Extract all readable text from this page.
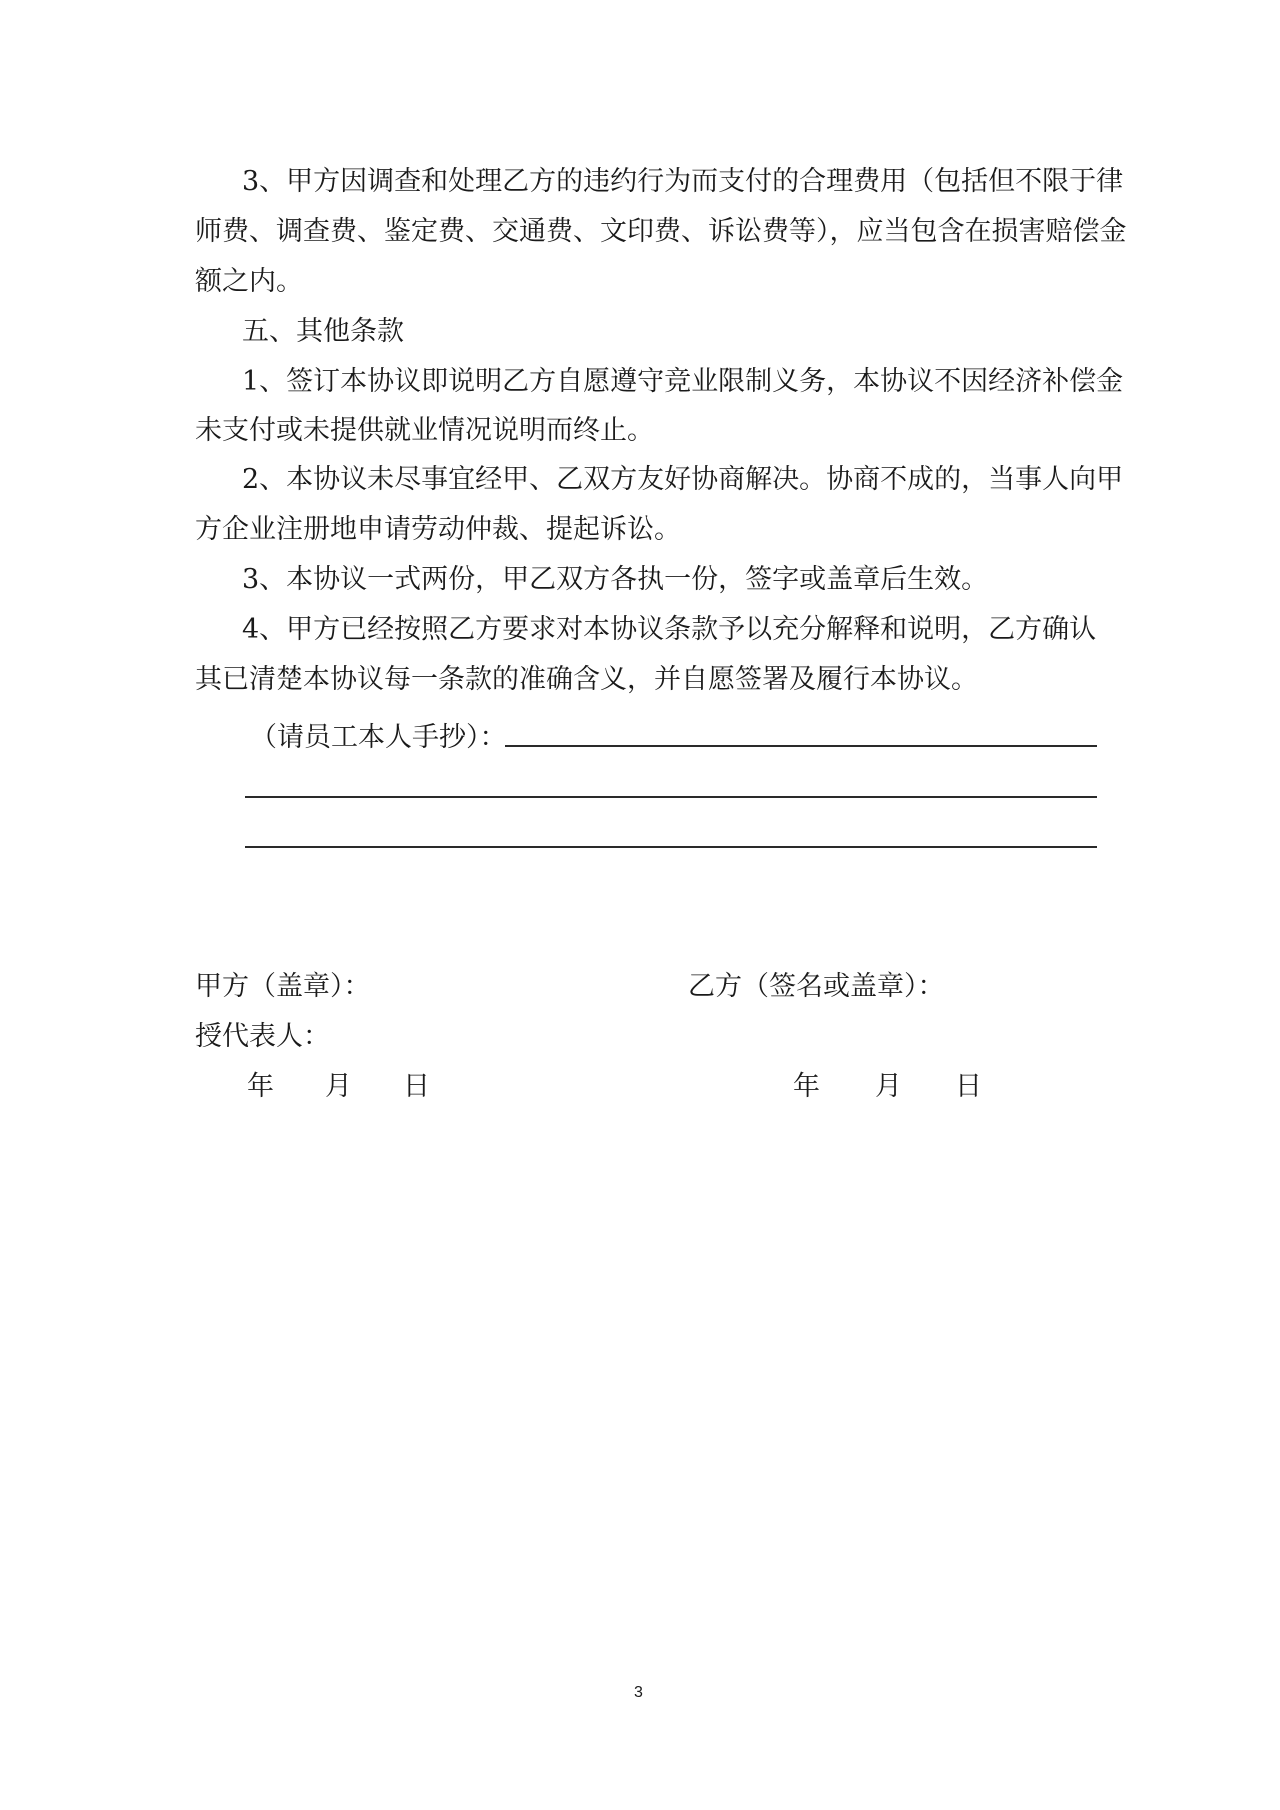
3、甲方因调查和处理乙方的违约行为而支付的合理费用（包括但不限于律
师费、调查费、鉴定费、交通费、文印费、诉讼费等），应当包含在损害赔偿金
额之内。
五、其他条款
1、签订本协议即说明乙方自愿遵守竞业限制义务，本协议不因经济补偿金
未支付或未提供就业情况说明而终止。
2、本协议未尽事宜经甲、乙双方友好协商解决。协商不成的，当事人向甲
方企业注册地申请劳动仲裁、提起诉讼。
3、本协议一式两份，甲乙双方各执一份，签字或盖章后生效。
4、甲方已经按照乙方要求对本协议条款予以充分解释和说明，乙方确认
其已清楚本协议每一条款的准确含义，并自愿签署及履行本协议。
（请员工本人手抄）：
甲方（盖章）：	乙方（签名或盖章）：
授代表人：
年 月 日	年 月 日
3
